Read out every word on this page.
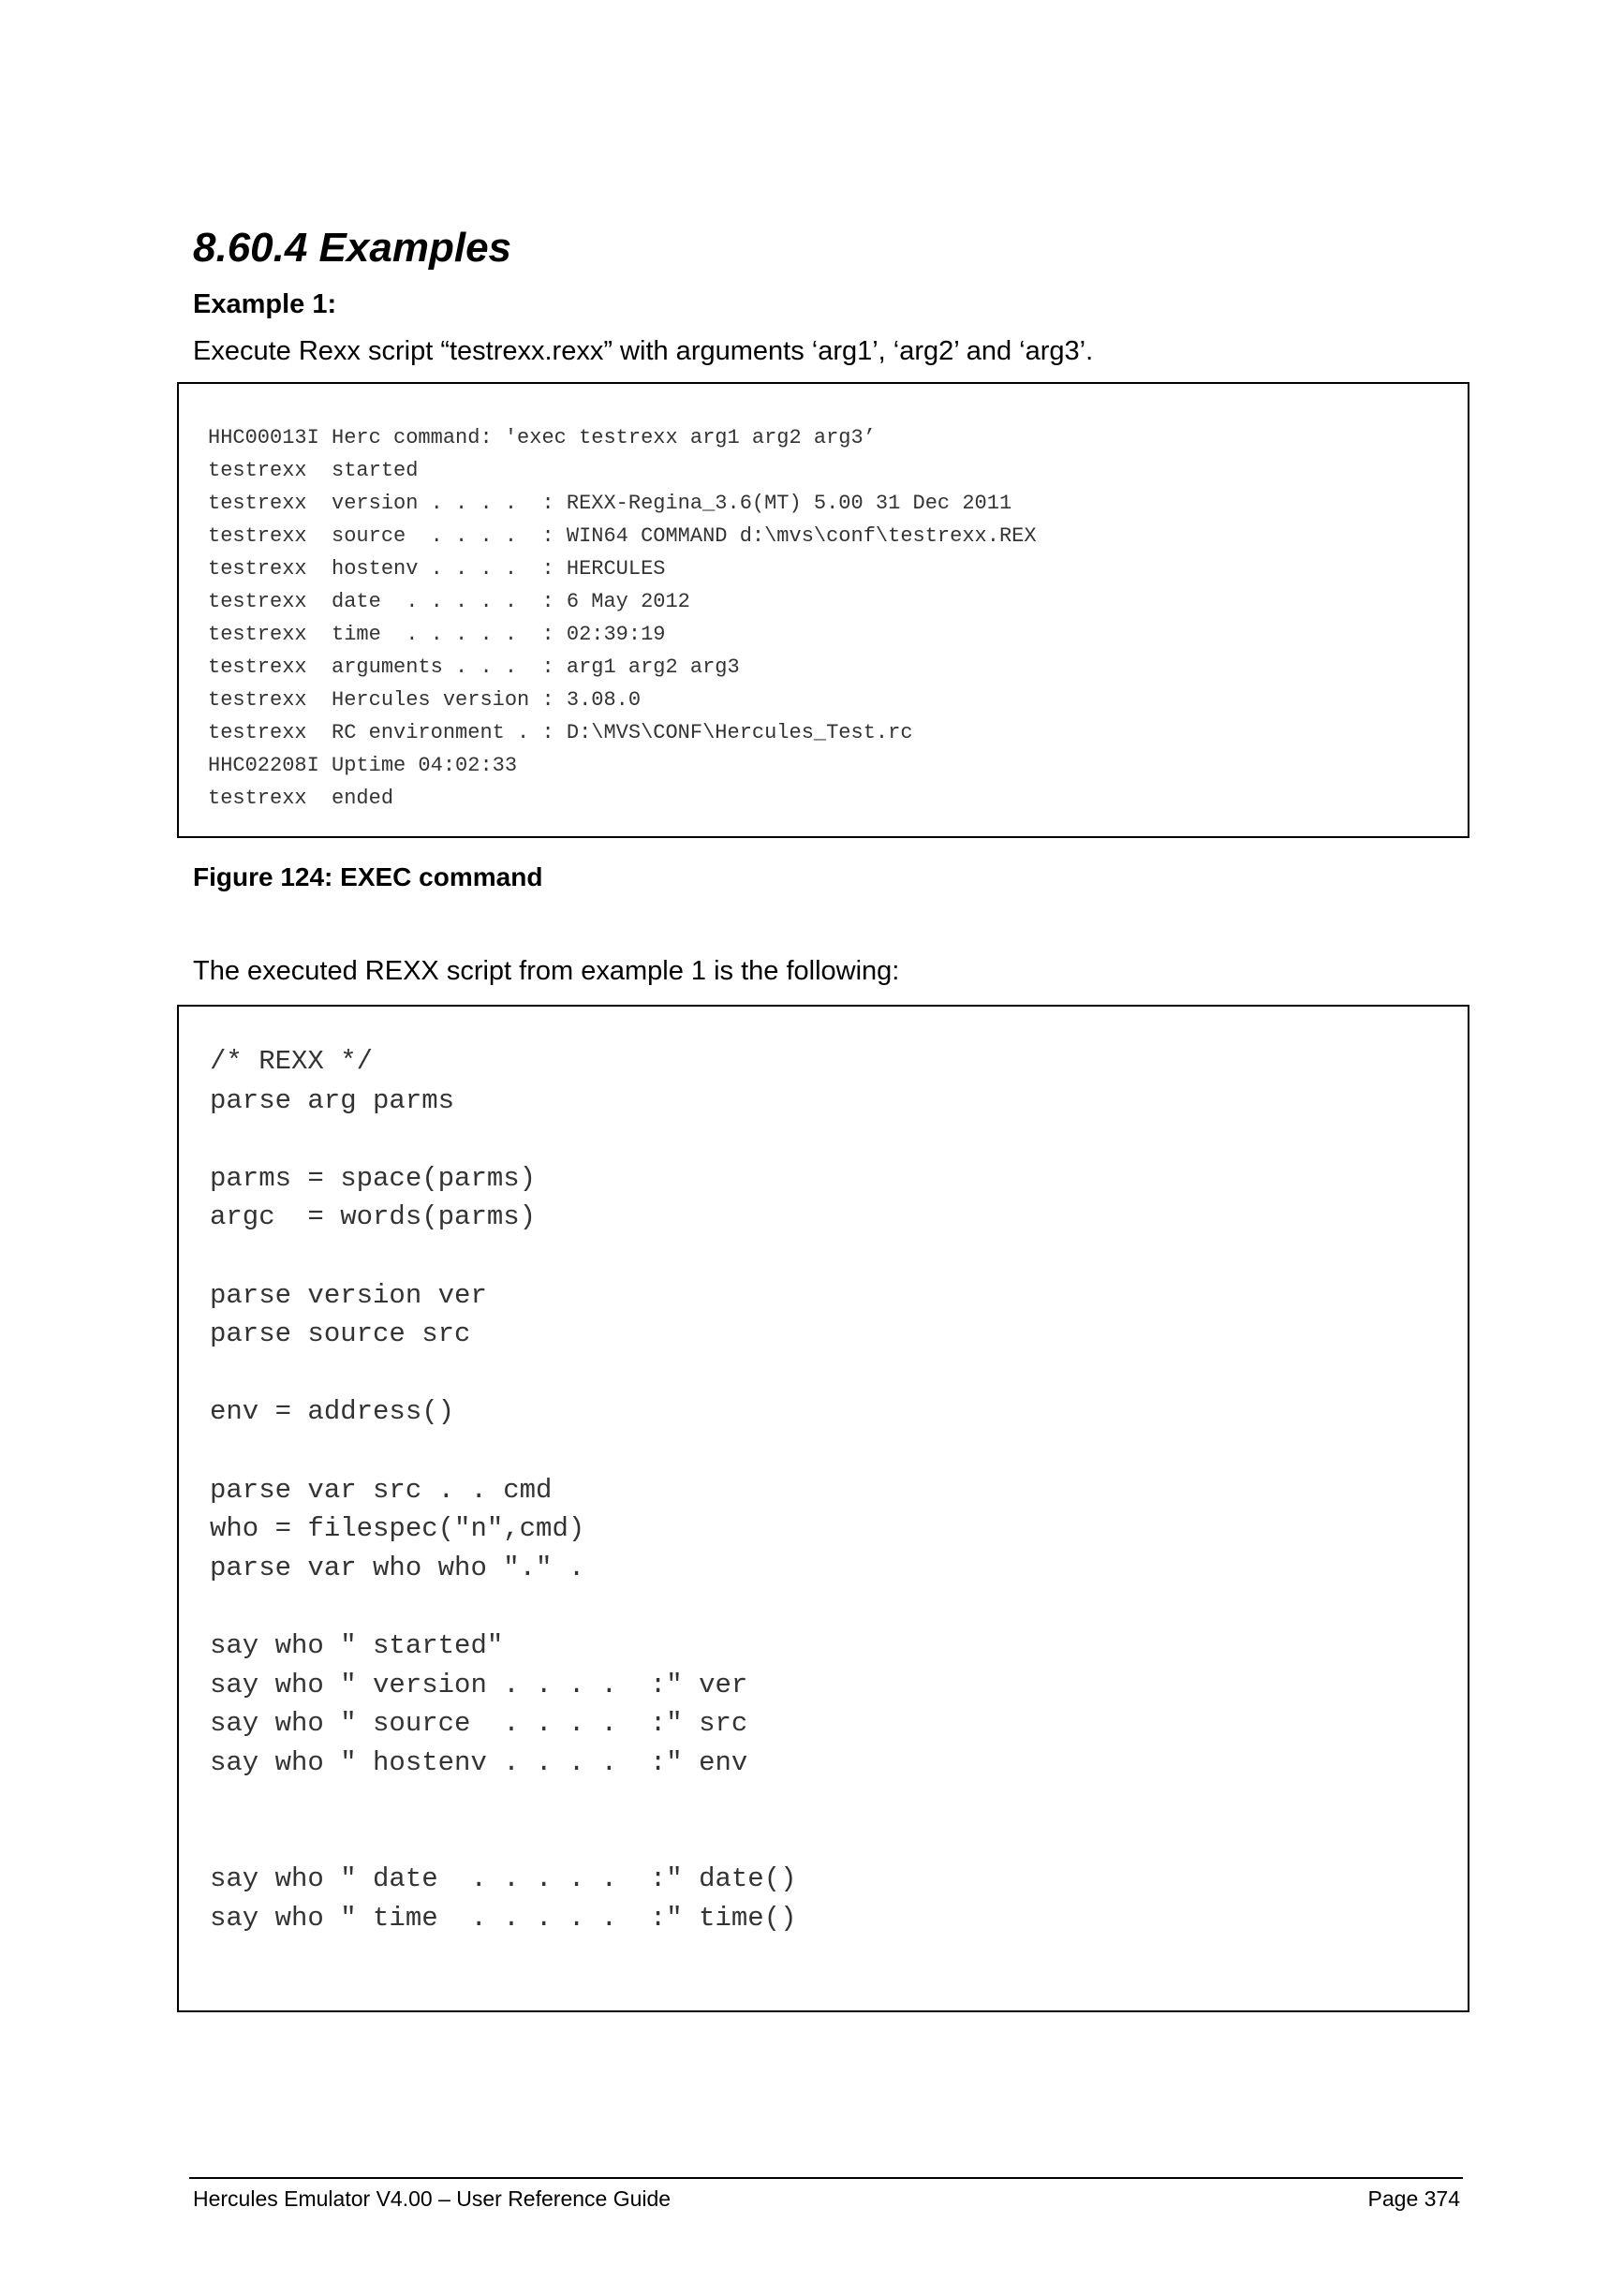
8.60.4 Examples
Example 1:

Execute Rexx script “testrexx.rexx” with arguments ‘arg1’, ‘arg2’ and ‘arg3’.

HHC00013I Herc command: 'exec testrexx arg1 arg2 arg3’
testrexx  started
testrexx  version . . . .  : REXX-Regina_3.6(MT) 5.00 31 Dec 2011
testrexx  source  . . . .  : WIN64 COMMAND d:\mvs\conf\testrexx.REX
testrexx  hostenv . . . .  : HERCULES
testrexx  date  . . . . .  : 6 May 2012
testrexx  time  . . . . .  : 02:39:19
testrexx  arguments . . .  : arg1 arg2 arg3
testrexx  Hercules version : 3.08.0
testrexx  RC environment . : D:\MVS\CONF\Hercules_Test.rc
HHC02208I Uptime 04:02:33
testrexx  ended

Figure 124: EXEC command

The executed REXX script from example 1 is the following:

/* REXX */
parse arg parms
parms = space(parms)
argc  = words(parms)
parse version ver
parse source src
env = address()
parse var src . . cmd
who = filespec("n",cmd)
parse var who who "." .
say who " started"
say who " version . . . .  :" ver
say who " source  . . . .  :" src
say who " hostenv . . . .  :" env
say who " date  . . . . .  :" date()
say who " time  . . . . .  :" time()
Hercules Emulator V4.00 – User Reference Guide	Page 374
